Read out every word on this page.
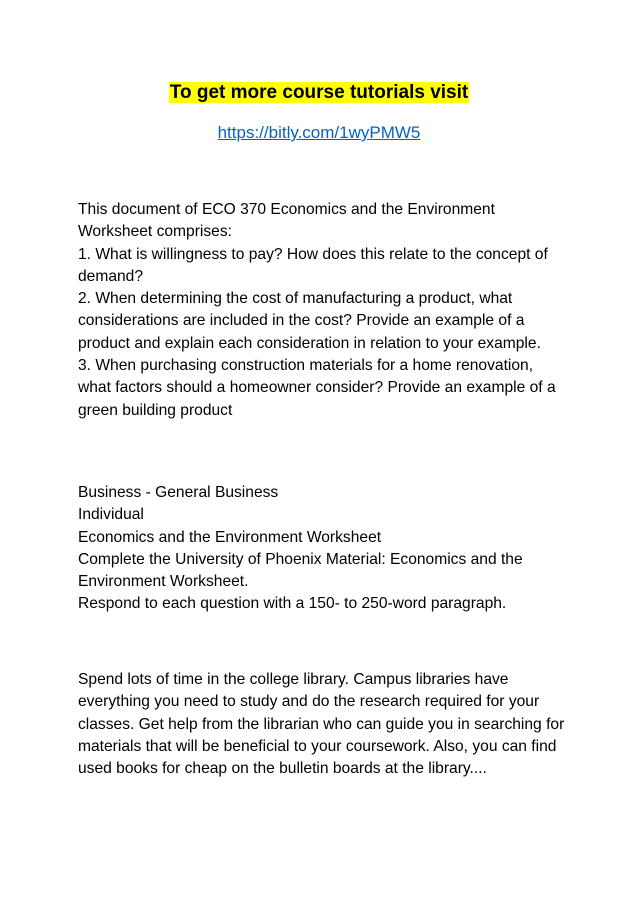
To get more course tutorials visit
https://bitly.com/1wyPMW5

This document of ECO 370 Economics and the Environment Worksheet comprises:

1. What is willingness to pay? How does this relate to the concept of demand?

2. When determining the cost of manufacturing a product, what considerations are included in the cost? Provide an example of a product and explain each consideration in relation to your example.

3. When purchasing construction materials for a home renovation, what factors should a homeowner consider? Provide an example of a green building product

Business - General Business

Individual

Economics and the Environment Worksheet

Complete the University of Phoenix Material: Economics and the Environment Worksheet.

Respond to each question with a 150- to 250-word paragraph.

Spend lots of time in the college library. Campus libraries have everything you need to study and do the research required for your classes. Get help from the librarian who can guide you in searching for materials that will be beneficial to your coursework. Also, you can find used books for cheap on the bulletin boards at the library....
